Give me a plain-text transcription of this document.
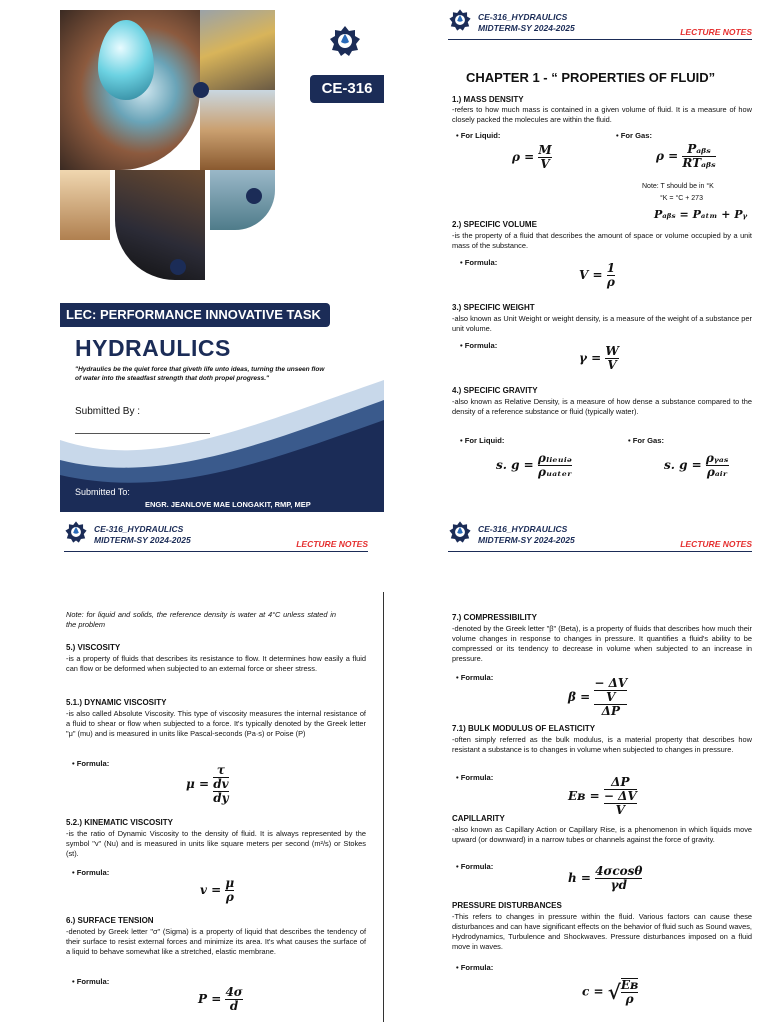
CE-316
LEC: PERFORMANCE INNOVATIVE TASK
HYDRAULICS
"Hydraulics be the quiet force that giveth life unto ideas, turning the unseen flow of water into the steadfast strength that doth propel progress."
Submitted By :
Submitted To:
ENGR. JEANLOVE MAE LONGAKIT, RMP, MEP
CE-316_HYDRAULICS
MIDTERM-SY 2024-2025	LECTURE NOTES
CHAPTER 1 - “ PROPERTIES OF FLUID”
1.) MASS DENSITY
-refers to how much mass is contained in a given volume of fluid. It is a measure of how closely packed the molecules are within the fluid.
• For Liquid:	• For Gas:
$\rho = \frac{M}{V}$	$\rho = \frac{\text{Pₐᵦₛ}}{\text{RTₐᵦₛ}}$
Note: T should be in °K
°K = °C + 273
Pₐᵦₛ = Pₐₜₘ + Pᵧ
2.) SPECIFIC VOLUME
-is the property of a fluid that describes the amount of space or volume occupied by a unit mass of the substance.
• Formula:
$V = \frac{1}{\rho}$
3.) SPECIFIC WEIGHT
-also known as Unit Weight or weight density, is a measure of the weight of a substance per unit volume.
• Formula:
$\gamma = \frac{W}{V}$
4.) SPECIFIC GRAVITY
-also known as Relative Density, is a measure of how dense a substance compared to the density of a reference substance or fluid (typically water).
• For Liquid:	• For Gas:
s. $g = \frac{\text{ρₗᵢₑᵤᵢₔ}}{\text{ρᵤₐₜₑᵣ}}$	s. $g = \frac{\text{ρᵧₐₛ}}{\text{ρₐᵢᵣ}}$
CE-316_HYDRAULICS
MIDTERM-SY 2024-2025	LECTURE NOTES
Note: for liquid and solids, the reference density is water at 4°C unless stated in the problem
5.) VISCOSITY
-is a property of fluids that describes its resistance to flow. It determines how easily a fluid can flow or be deformed when subjected to an external force or sheer stress.
5.1.) DYNAMIC VISCOSITY
-is also called Absolute Viscosity. This type of viscosity measures the internal resistance of a fluid to shear or flow when subjected to a force. It's typically denoted by the Greek letter "μ" (mu) and is measured in units like Pascal-seconds (Pa·s) or Poise (P)
• Formula:
$\mu = \frac{\tau}{\frac{dv}{dy}}$
5.2.) KINEMATIC VISCOSITY
-is the ratio of Dynamic Viscosity to the density of fluid. It is always represented by the symbol "v" (Nu) and is measured in units like square meters per second (m²/s) or Stokes (st).
• Formula:
$v = \frac{\mu}{\rho}$
6.) SURFACE TENSION
-denoted by Greek letter "σ" (Sigma) is a property of liquid that describes the tendency of their surface to resist external forces and minimize its area. It's what causes the surface of a liquid to behave somewhat like a stretched, elastic membrane.
• Formula:
$P = \frac{4\sigma}{d}$
CE-316_HYDRAULICS
MIDTERM-SY 2024-2025	LECTURE NOTES
7.) COMPRESSIBILITY
-denoted by the Greek letter "β" (Beta), is a property of fluids that describes how much their volume changes in response to changes in pressure. It quantifies a fluid's ability to be compressed or its tendency to decrease in volume when subjected to an increase in pressure.
• Formula:
$\beta = \frac{\frac{- \Delta V}{V}}{\Delta P}$
7.1) BULK MODULUS OF ELASTICITY
-often simply referred as the bulk modulus, is a material property that describes how resistant a substance is to changes in volume when subjected to changes in pressure.
• Formula:
Eʙ = $\frac{\Delta P}{\frac{- \Delta V}{V}}$
CAPILLARITY
-also known as Capillary Action or Capillary Rise, is a phenomenon in which liquids move upward (or downward) in a narrow tubes or channels against the force of gravity.
• Formula:
$h = \frac{4\sigma\cos\theta}{\gamma d}$
PRESSURE DISTURBANCES
-This refers to changes in pressure within the fluid. Various factors can cause these disturbances and can have significant effects on the behavior of fluid such as Sound waves, Hydrodynamics, Turbulence and Shockwaves. Pressure disturbances imposed on a fluid move in waves.
• Formula:
c = √ $\frac{\text{Eʙ}}{\rho}$
